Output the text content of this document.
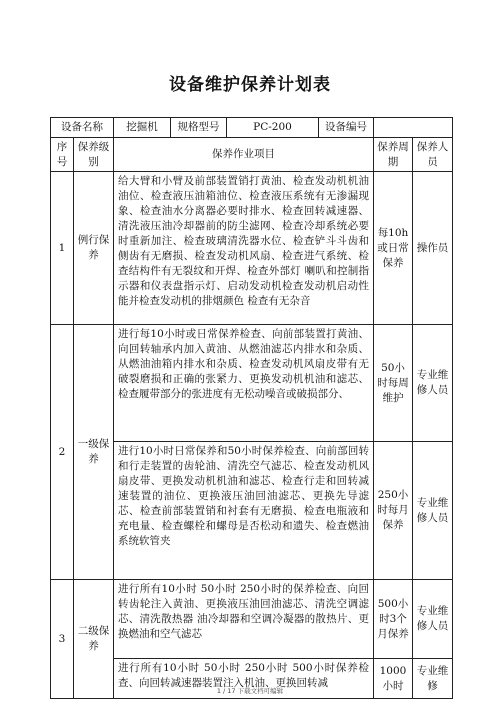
设备维护保养计划表
设备名称		挖掘机	规格型号	PC-200	设备编号		
序号	保养级别	保养作业项目				保养周期	保养人员
1	例行保养	给大臂和小臂及前部装置销打黄油、检查发动机机油油位、检查液压油箱油位、检查液压系统有无渗漏现象、检查油水分离器必要时排水、检查回转减速器、清洗液压油冷却器前的防尘滤网、检查冷却系统必要时重新加注、检查玻璃清洗器水位、检查铲斗斗齿和侧齿有无磨损、检查发动机风扇、检查进气系统、检查结构件有无裂纹和开焊、检查外部灯 喇叭和控制指示器和仪表盘指示灯、启动发动机检查发动机启动性能并检查发动机的排烟颜色 检查有无杂音				每10h或日常保养	操作员
2	一级保养	进行每10小时或日常保养检查、向前部装置打黄油、向回转轴承内加入黄油、从燃油滤芯内排水和杂质、从燃油油箱内排水和杂质、检查发动机风扇皮带有无破裂磨损和正确的张紧力、更换发动机机油和滤芯、检查履带部分的张进度有无松动噪音或破损部分、				50小时每周维护	专业维修人员
		进行10小时日常保养和50小时保养检查、向前部回转和行走装置的齿轮油、清洗空气滤芯、检查发动机风扇皮带、更换发动机机油和滤芯、检查行走和回转减速装置的油位、更换液压油回油滤芯、更换先导滤芯、检查前部装置销和衬套有无磨损、检查电瓶液和充电量、检查螺栓和螺母是否松动和遗失、检查燃油系统软管夹				250小时每月保养	专业维修人员
3	二级保养	进行所有10小时 50小时 250小时的保养检查、向回转齿轮注入黄油、更换液压油回油滤芯、清洗空调滤芯、清洗散热器 油冷却器和空调冷凝器的散热片、更换燃油和空气滤芯				500小时3个月保养	专业维修人员
		进行所有10小时 50小时 250小时 500小时保养检查、向回转减速器装置注入机油、更换回转减				1000小时	专业维修
1 / 17 下载文档可编辑
